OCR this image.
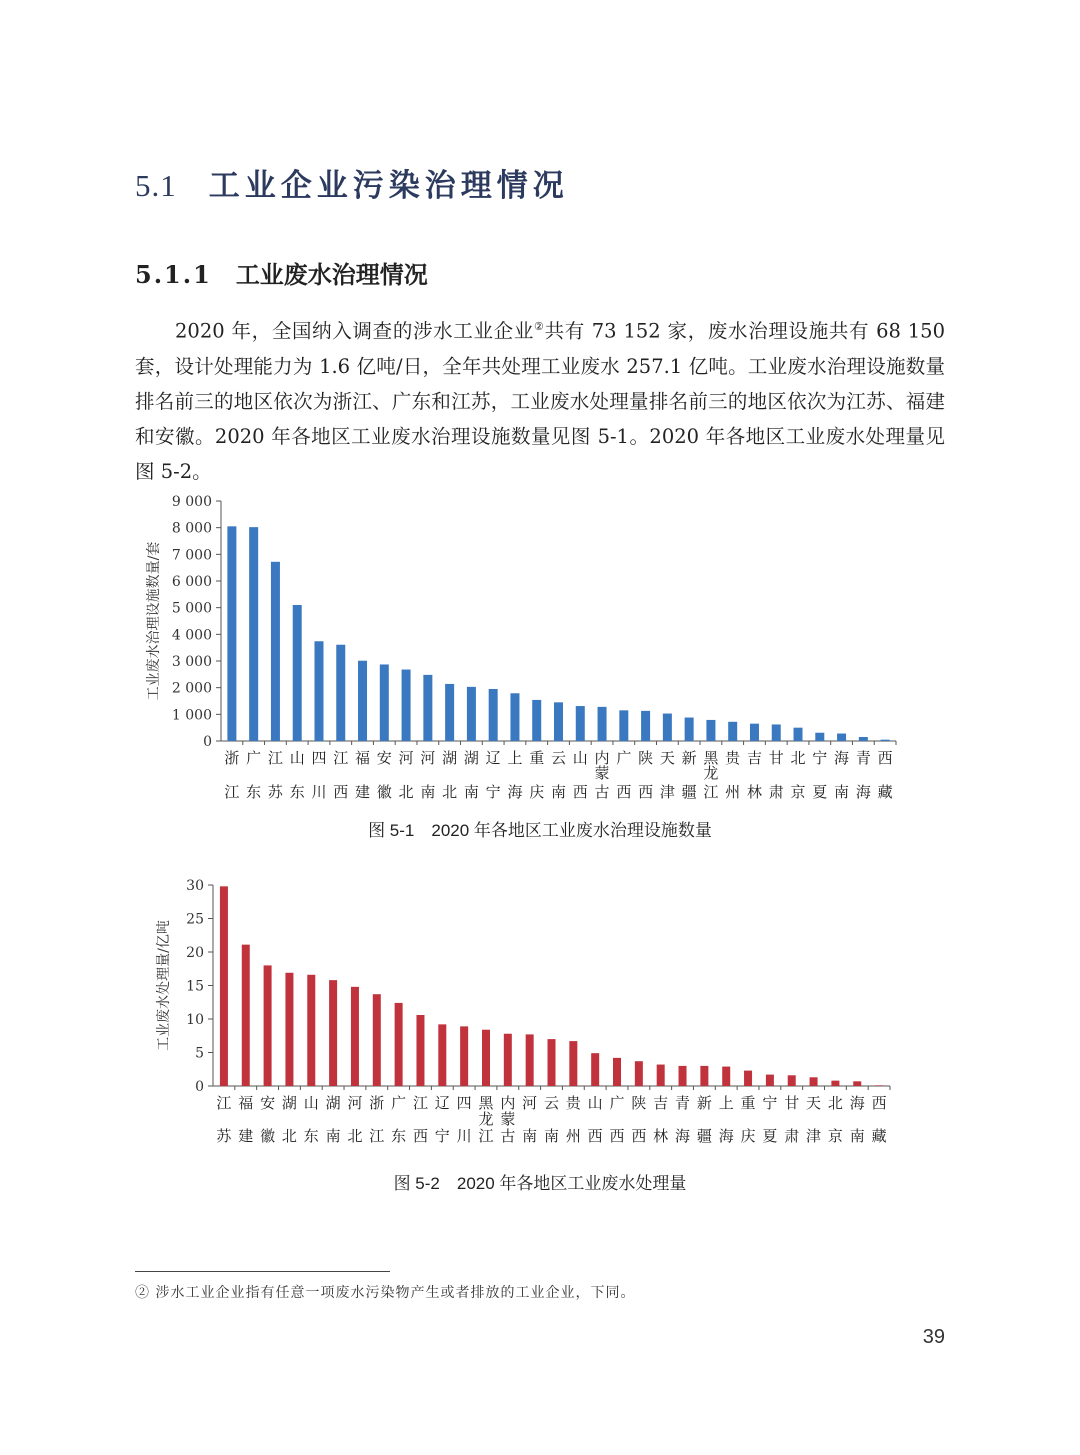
5.1 工业企业污染治理情况
5.1.1 工业废水治理情况

2020 年，全国纳入调查的涉水工业企业②共有 73 152 家，废水治理设施共有 68 150 套，设计处理能力为 1.6 亿吨/日，全年共处理工业废水 257.1 亿吨。工业废水治理设施数量排名前三的地区依次为浙江、广东和江苏，工业废水处理量排名前三的地区依次为江苏、福建和安徽。2020 年各地区工业废水治理设施数量见图 5-1。2020 年各地区工业废水处理量见图 5-2。

0
1 000
2 000
3 000
4 000
5 000
6 000
7 000
8 000
9 000
工业废水治理设施数量/套
浙江
广东
江苏
山东
四川
江西
福建
安徽
河北
河南
湖北
湖南
辽宁
上海
重庆
云南
山西
内蒙古
广西
陕西
天津
新疆
黑龙江
贵州
吉林
甘肃
北京
宁夏
海南
青海
西藏
图 5-1　2020 年各地区工业废水治理设施数量
0
5
10
15
20
25
30
工业废水处理量/亿吨
江苏
福建
安徽
湖北
山东
湖南
河北
浙江
广东
江西
辽宁
四川
黑龙江
内蒙古
河南
云南
贵州
山西
广西
陕西
吉林
青海
新疆
上海
重庆
宁夏
甘肃
天津
北京
海南
西藏
图 5-2　2020 年各地区工业废水处理量
② 涉水工业企业指有任意一项废水污染物产生或者排放的工业企业，下同。
39
